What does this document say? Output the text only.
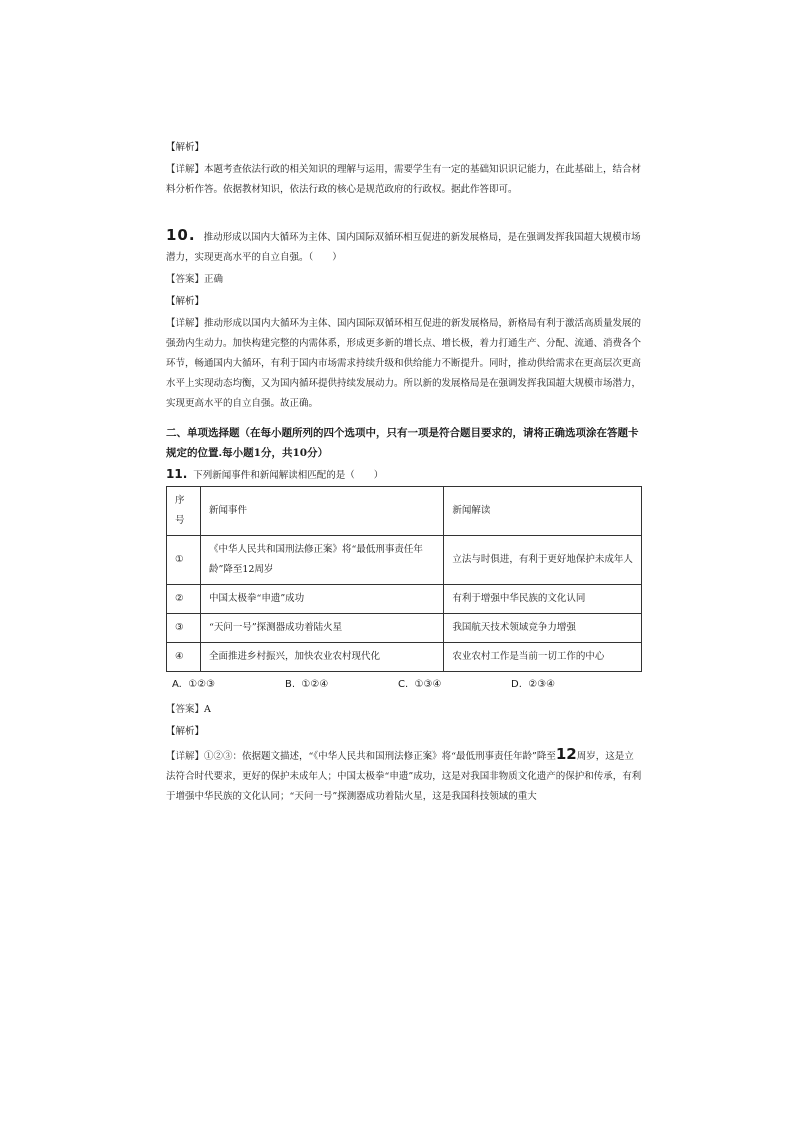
【解析】
【详解】本题考查依法行政的相关知识的理解与运用，需要学生有一定的基础知识识记能力，在此基础上，结合材料分析作答。依据教材知识，依法行政的核心是规范政府的行政权。据此作答即可。
10. 推动形成以国内大循环为主体、国内国际双循环相互促进的新发展格局，是在强调发挥我国超大规模市场潜力，实现更高水平的自立自强。（　　）
【答案】正确
【解析】
【详解】推动形成以国内大循环为主体、国内国际双循环相互促进的新发展格局，新格局有利于激活高质量发展的强劲内生动力。加快构建完整的内需体系，形成更多新的增长点、增长极，着力打通生产、分配、流通、消费各个环节，畅通国内大循环，有利于国内市场需求持续升级和供给能力不断提升。同时，推动供给需求在更高层次更高水平上实现动态均衡，又为国内循环提供持续发展动力。所以新的发展格局是在强调发挥我国超大规模市场潜力，实现更高水平的自立自强。故正确。
二、单项选择题（在每小题所列的四个选项中，只有一项是符合题目要求的，请将正确选项涂在答题卡规定的位置.每小题1分，共10分）
11. 下列新闻事件和新闻解读相匹配的是（　　）
序号	新闻事件	新闻解读
①	《中华人民共和国刑法修正案》将“最低刑事责任年龄”降至12周岁	立法与时俱进，有利于更好地保护未成年人
②	中国太极拳“申遗”成功	有利于增强中华民族的文化认同
③	“天问一号”探测器成功着陆火星	我国航天技术领域竞争力增强
④	全面推进乡村振兴，加快农业农村现代化	农业农村工作是当前一切工作的中心
A. ①②③	B. ①②④	C. ①③④	D. ②③④
【答案】A
【解析】
【详解】①②③：依据题文描述，“《中华人民共和国刑法修正案》将“最低刑事责任年龄”降至12周岁，这是立法符合时代要求，更好的保护未成年人；中国太极拳“申遗”成功，这是对我国非物质文化遗产的保护和传承，有利于增强中华民族的文化认同；“天问一号”探测器成功着陆火星，这是我国科技领域的重大
